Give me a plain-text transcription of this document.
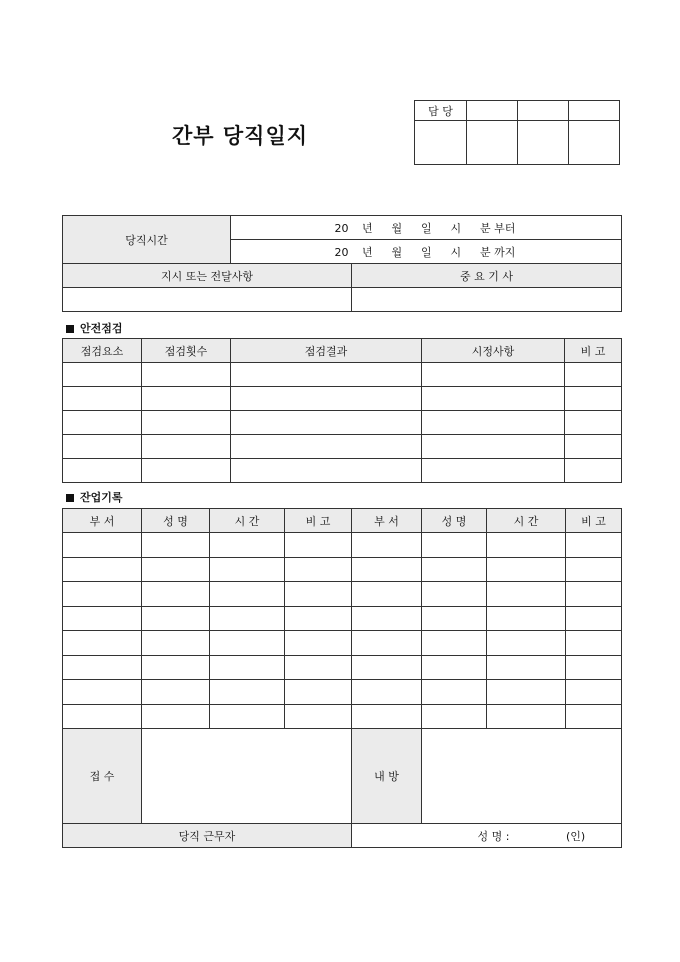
간부 당직일지
담 당			

당직시간	20 년 월 일 시 분 부터	
	20 년 월 일 시 분 까지	
지시 또는 전달사항		중 요 기 사

안전점검
점검요소	점검횟수	점검결과	시정사항	비 고

잔업기록
부 서	성 명	시 간	비 고	부 서	성 명	시 간	비 고

접 수		내 방	
당직 근무자		성 명 : (인)	
